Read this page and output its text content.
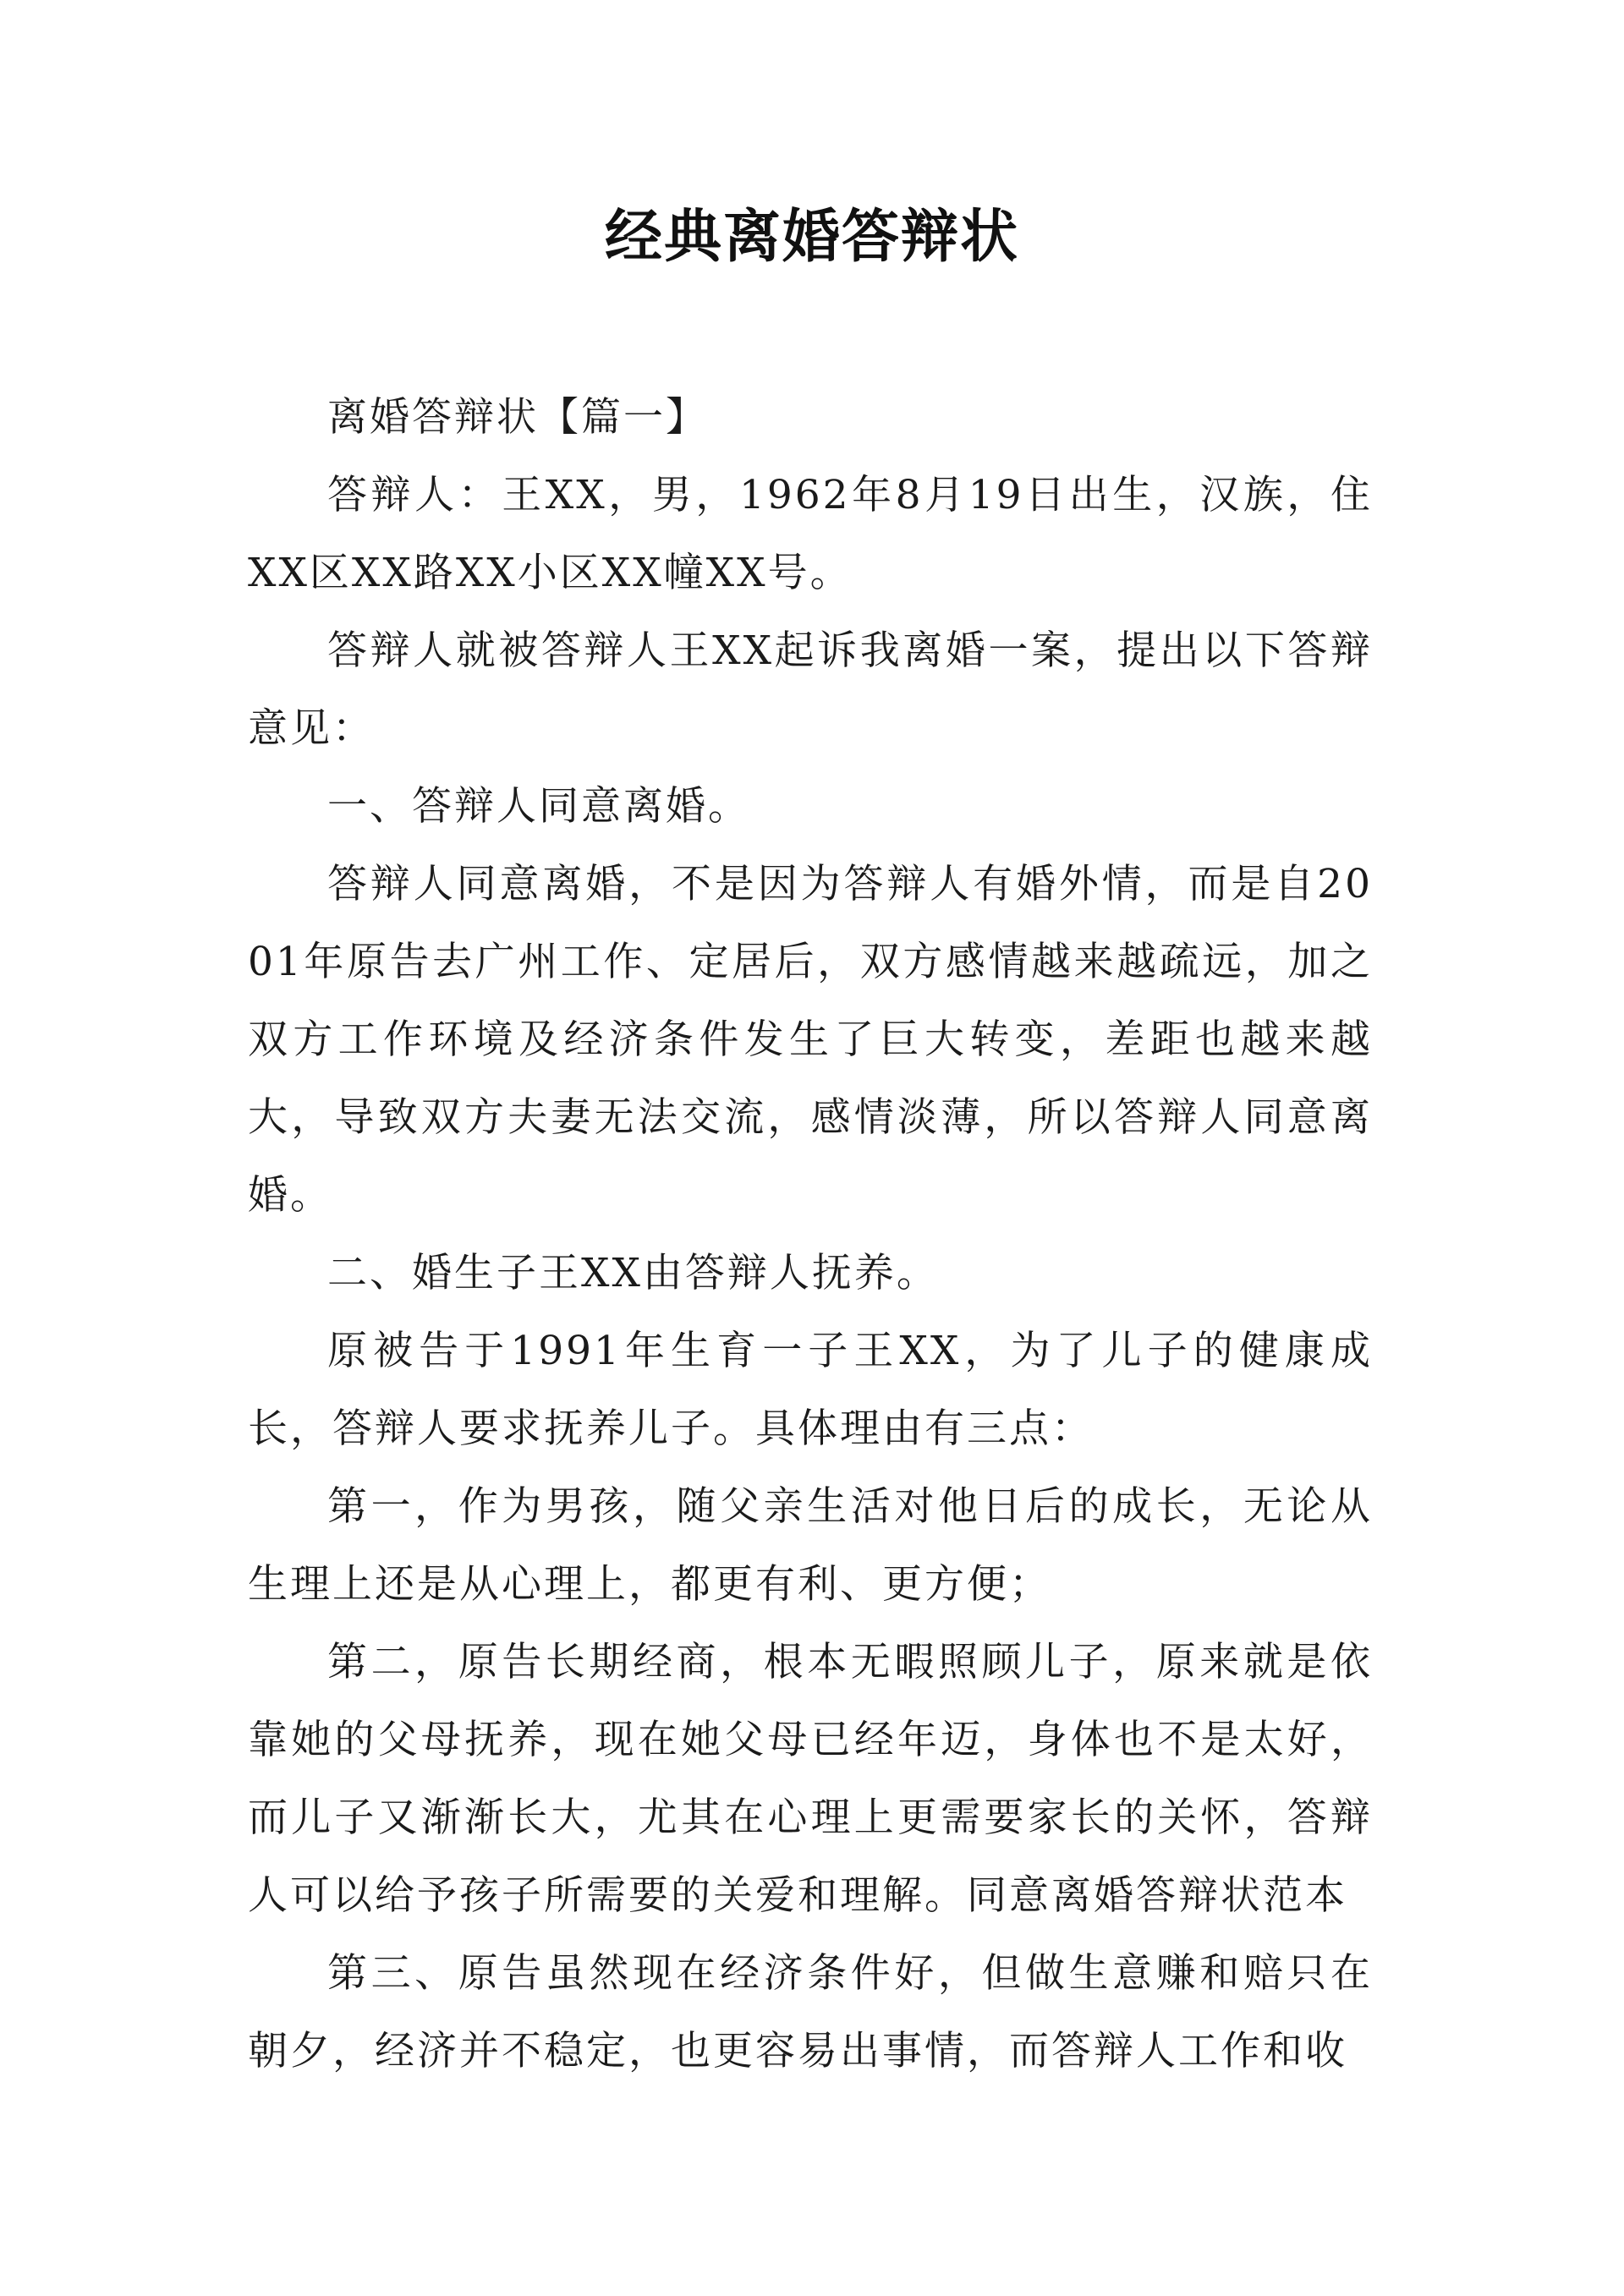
经典离婚答辩状

离婚答辩状【篇一】

答辩人：王XX，男，1962年8月19日出生，汉族，住XX区XX路XX小区XX幢XX号。

答辩人就被答辩人王XX起诉我离婚一案，提出以下答辩意见：

一、答辩人同意离婚。

答辩人同意离婚，不是因为答辩人有婚外情，而是自2001年原告去广州工作、定居后，双方感情越来越疏远，加之双方工作环境及经济条件发生了巨大转变，差距也越来越大，导致双方夫妻无法交流，感情淡薄，所以答辩人同意离婚。

二、婚生子王XX由答辩人抚养。

原被告于1991年生育一子王XX，为了儿子的健康成长，答辩人要求抚养儿子。具体理由有三点：

第一，作为男孩，随父亲生活对他日后的成长，无论从生理上还是从心理上，都更有利、更方便；

第二，原告长期经商，根本无暇照顾儿子，原来就是依靠她的父母抚养，现在她父母已经年迈，身体也不是太好，而儿子又渐渐长大，尤其在心理上更需要家长的关怀，答辩人可以给予孩子所需要的关爱和理解。同意离婚答辩状范本

第三、原告虽然现在经济条件好，但做生意赚和赔只在朝夕，经济并不稳定，也更容易出事情，而答辩人工作和收
